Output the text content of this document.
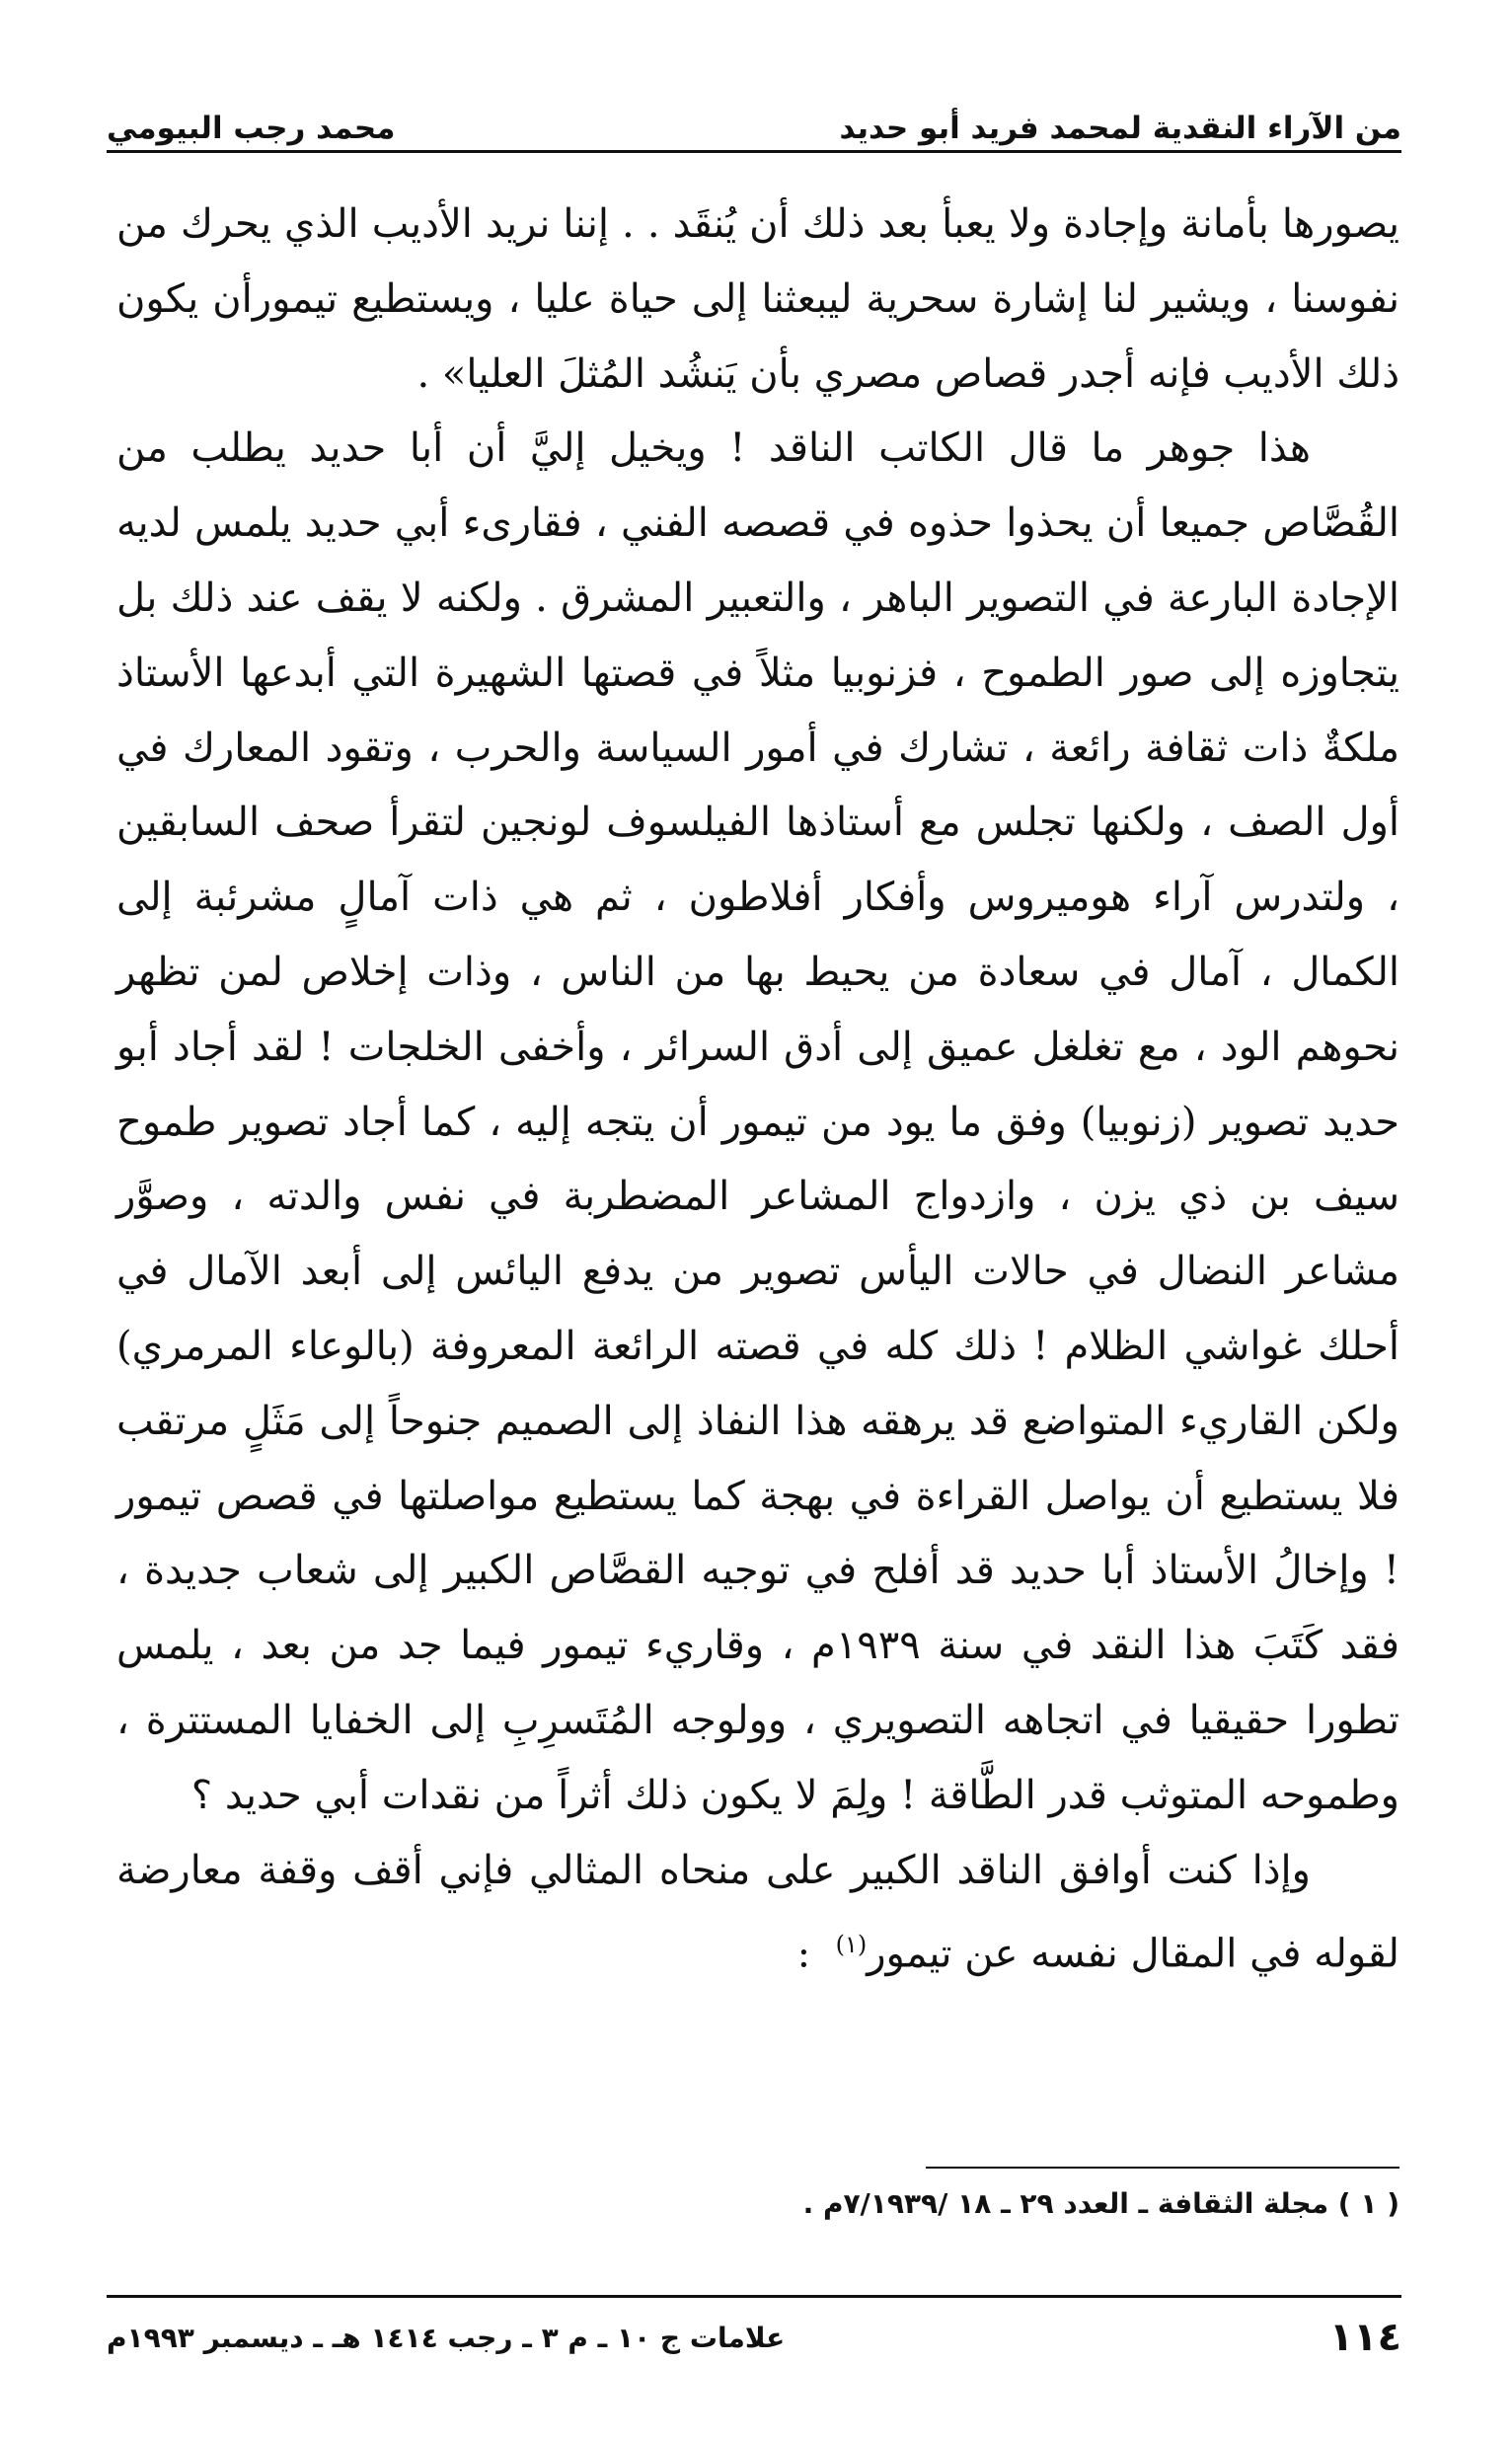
من الآراء النقدية لمحمد فريد أبو حديد
محمد رجب البيومي

يصورها بأمانة وإجادة ولا يعبأ بعد ذلك أن يُنقَد . . إننا نريد الأديب الذي يحرك من نفوسنا ، ويشير لنا إشارة سحرية ليبعثنا إلى حياة عليا ، ويستطيع تيمورأن يكون ذلك الأديب فإنه أجدر قصاص مصري بأن يَنشُد المُثلَ العليا» .

هذا جوهر ما قال الكاتب الناقد ! ويخيل إليَّ أن أبا حديد يطلب من القُصَّاص جميعا أن يحذوا حذوه في قصصه الفني ، فقارىء أبي حديد يلمس لديه الإجادة البارعة في التصوير الباهر ، والتعبير المشرق . ولكنه لا يقف عند ذلك بل يتجاوزه إلى صور الطموح ، فزنوبيا مثلاً في قصتها الشهيرة التي أبدعها الأستاذ ملكةٌ ذات ثقافة رائعة ، تشارك في أمور السياسة والحرب ، وتقود المعارك في أول الصف ، ولكنها تجلس مع أستاذها الفيلسوف لونجين لتقرأ صحف السابقين ، ولتدرس آراء هوميروس وأفكار أفلاطون ، ثم هي ذات آمالٍ مشرئبة إلى الكمال ، آمال في سعادة من يحيط بها من الناس ، وذات إخلاص لمن تظهر نحوهم الود ، مع تغلغل عميق إلى أدق السرائر ، وأخفى الخلجات ! لقد أجاد أبو حديد تصوير (زنوبيا) وفق ما يود من تيمور أن يتجه إليه ، كما أجاد تصوير طموح سيف بن ذي يزن ، وازدواج المشاعر المضطربة في نفس والدته ، وصوَّر مشاعر النضال في حالات اليأس تصوير من يدفع اليائس إلى أبعد الآمال في أحلك غواشي الظلام ! ذلك كله في قصته الرائعة المعروفة (بالوعاء المرمري) ولكن القاريء المتواضع قد يرهقه هذا النفاذ إلى الصميم جنوحاً إلى مَثَلٍ مرتقب فلا يستطيع أن يواصل القراءة في بهجة كما يستطيع مواصلتها في قصص تيمور ! وإخالُ الأستاذ أبا حديد قد أفلح في توجيه القصَّاص الكبير إلى شعاب جديدة ، فقد كَتَبَ هذا النقد في سنة ١٩٣٩م ، وقاريء تيمور فيما جد من بعد ، يلمس تطورا حقيقيا في اتجاهه التصويري ، وولوجه المُتَسرِبِ إلى الخفايا المستترة ، وطموحه المتوثب قدر الطَّاقة ! ولِمَ لا يكون ذلك أثراً من نقدات أبي حديد ؟

وإذا كنت أوافق الناقد الكبير على منحاه المثالي فإني أقف وقفة معارضة لقوله في المقال نفسه عن تيمور$^{(١)}$  :

( ١ ) مجلة الثقافة ـ العدد ٢٩ ـ ١٨ /٧/١٩٣٩م .
١١٤
علامات ج ١٠ ـ م ٣ ـ رجب ١٤١٤ هـ ـ ديسمبر ١٩٩٣م
